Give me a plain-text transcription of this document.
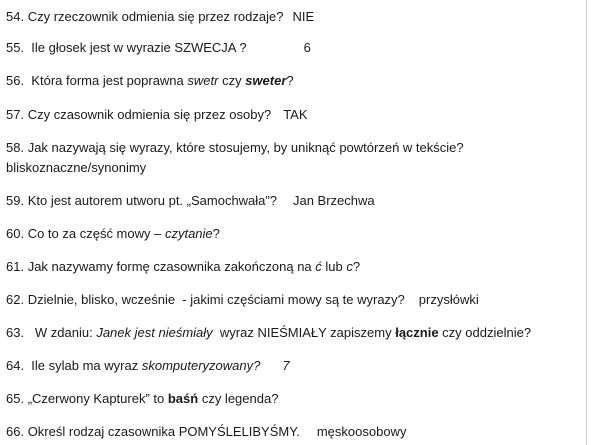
54. Czy rzeczownik odmienia się przez rodzaje? NIE
55.  Ile głosek jest w wyrazie SZWECJA ?	6
56.  Która forma jest poprawna swetr czy sweter?
57. Czy czasownik odmienia się przez osoby? TAK
58. Jak nazywają się wyrazy, które stosujemy, by uniknąć powtórzeń w tekście?
bliskoznaczne/synonimy
59. Kto jest autorem utworu pt. „Samochwała”? Jan Brzechwa
60. Co to za część mowy – czytanie?
61. Jak nazywamy formę czasownika zakończoną na ć lub c?
62. Dzielnie, blisko, wcześnie  - jakimi częściami mowy są te wyrazy? przysłówki
63.   W zdaniu: Janek jest nieśmiały  wyraz NIEŚMIAŁY zapiszemy łącznie czy oddzielnie?
64.  Ile sylab ma wyraz skomputeryzowany? 7
65. „Czerwony Kapturek” to baśń czy legenda?
66. Określ rodzaj czasownika POMYŚLELIBYŚMY. męskoosobowy
